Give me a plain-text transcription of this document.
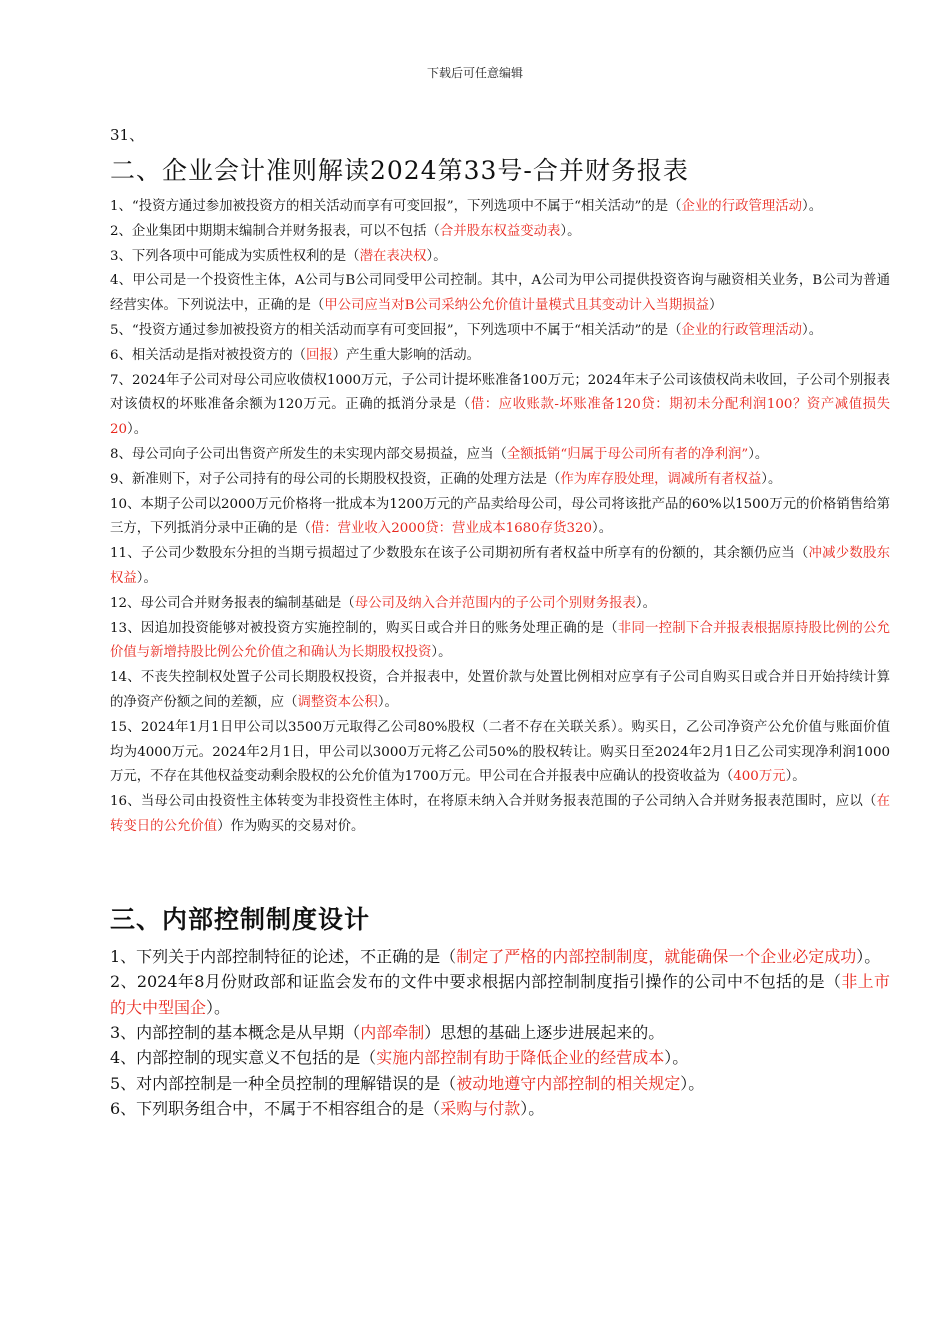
下载后可任意编辑

31、

二、企业会计准则解读2024第33号-合并财务报表

1、“投资方通过参加被投资方的相关活动而享有可变回报”，下列选项中不属于“相关活动”的是（企业的行政管理活动）。

2、企业集团中期期末编制合并财务报表，可以不包括（合并股东权益变动表）。

3、下列各项中可能成为实质性权利的是（潜在表决权）。

4、甲公司是一个投资性主体，A公司与B公司同受甲公司控制。其中，A公司为甲公司提供投资咨询与融资相关业务，B公司为普通经营实体。下列说法中，正确的是（甲公司应当对B公司采纳公允价值计量模式且其变动计入当期损益）

5、“投资方通过参加被投资方的相关活动而享有可变回报”，下列选项中不属于“相关活动”的是（企业的行政管理活动）。

6、相关活动是指对被投资方的（回报）产生重大影响的活动。

7、2024年子公司对母公司应收债权1000万元，子公司计提坏账准备100万元；2024年末子公司该债权尚未收回，子公司个别报表对该债权的坏账准备余额为120万元。正确的抵消分录是（借：应收账款-坏账准备120贷：期初未分配利润100？资产减值损失20）。

8、母公司向子公司出售资产所发生的未实现内部交易损益，应当（全额抵销“归属于母公司所有者的净利润”）。

9、新准则下，对子公司持有的母公司的长期股权投资，正确的处理方法是（作为库存股处理，调减所有者权益）。

10、本期子公司以2000万元价格将一批成本为1200万元的产品卖给母公司，母公司将该批产品的60%以1500万元的价格销售给第三方，下列抵消分录中正确的是（借：营业收入2000贷：营业成本1680存货320）。

11、子公司少数股东分担的当期亏损超过了少数股东在该子公司期初所有者权益中所享有的份额的，其余额仍应当（冲减少数股东权益）。

12、母公司合并财务报表的编制基础是（母公司及纳入合并范围内的子公司个别财务报表）。

13、因追加投资能够对被投资方实施控制的，购买日或合并日的账务处理正确的是（非同一控制下合并报表根据原持股比例的公允价值与新增持股比例公允价值之和确认为长期股权投资）。

14、不丧失控制权处置子公司长期股权投资，合并报表中，处置价款与处置比例相对应享有子公司自购买日或合并日开始持续计算的净资产份额之间的差额，应（调整资本公积）。

15、2024年1月1日甲公司以3500万元取得乙公司80%股权（二者不存在关联关系）。购买日，乙公司净资产公允价值与账面价值均为4000万元。2024年2月1日，甲公司以3000万元将乙公司50%的股权转让。购买日至2024年2月1日乙公司实现净利润1000万元，不存在其他权益变动剩余股权的公允价值为1700万元。甲公司在合并报表中应确认的投资收益为（400万元）。

16、当母公司由投资性主体转变为非投资性主体时，在将原未纳入合并财务报表范围的子公司纳入合并财务报表范围时，应以（在转变日的公允价值）作为购买的交易对价。

三、内部控制制度设计

1、下列关于内部控制特征的论述，不正确的是（制定了严格的内部控制制度，就能确保一个企业必定成功）。

2、2024年8月份财政部和证监会发布的文件中要求根据内部控制制度指引操作的公司中不包括的是（非上市的大中型国企）。

3、内部控制的基本概念是从早期（内部牵制）思想的基础上逐步进展起来的。

4、内部控制的现实意义不包括的是（实施内部控制有助于降低企业的经营成本）。

5、对内部控制是一种全员控制的理解错误的是（被动地遵守内部控制的相关规定）。

6、下列职务组合中，不属于不相容组合的是（采购与付款）。
